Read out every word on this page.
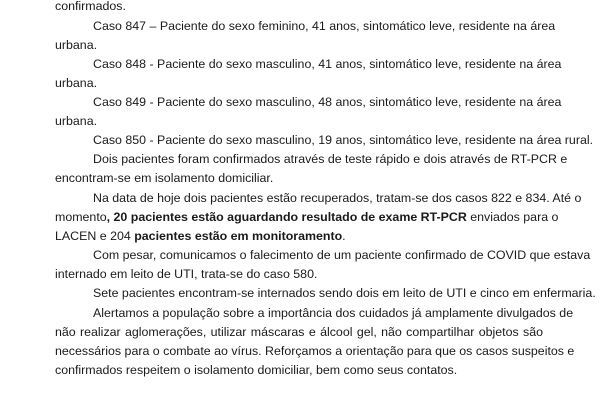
confirmados.
Caso 847 – Paciente do sexo feminino, 41 anos, sintomático leve, residente na área
urbana.
Caso 848 - Paciente do sexo masculino, 41 anos, sintomático leve, residente na área
urbana.
Caso 849 - Paciente do sexo masculino, 48 anos, sintomático leve, residente na área
urbana.
Caso 850 - Paciente do sexo masculino, 19 anos, sintomático leve, residente na área rural.
Dois pacientes foram confirmados através de teste rápido e dois através de RT-PCR e
encontram-se em isolamento domiciliar.
Na data de hoje dois pacientes estão recuperados, tratam-se dos casos 822 e 834. Até o
momento, 20 pacientes estão aguardando resultado de exame RT-PCR enviados para o
LACEN e 204 pacientes estão em monitoramento.
Com pesar, comunicamos o falecimento de um paciente confirmado de COVID que estava
internado em leito de UTI, trata-se do caso 580.
Sete pacientes encontram-se internados sendo dois em leito de UTI e cinco em enfermaria.
Alertamos a população sobre a importância dos cuidados já amplamente divulgados de
não realizar aglomerações, utilizar máscaras e álcool gel, não compartilhar objetos são
necessários para o combate ao vírus. Reforçamos a orientação para que os casos suspeitos e
confirmados respeitem o isolamento domiciliar, bem como seus contatos.
